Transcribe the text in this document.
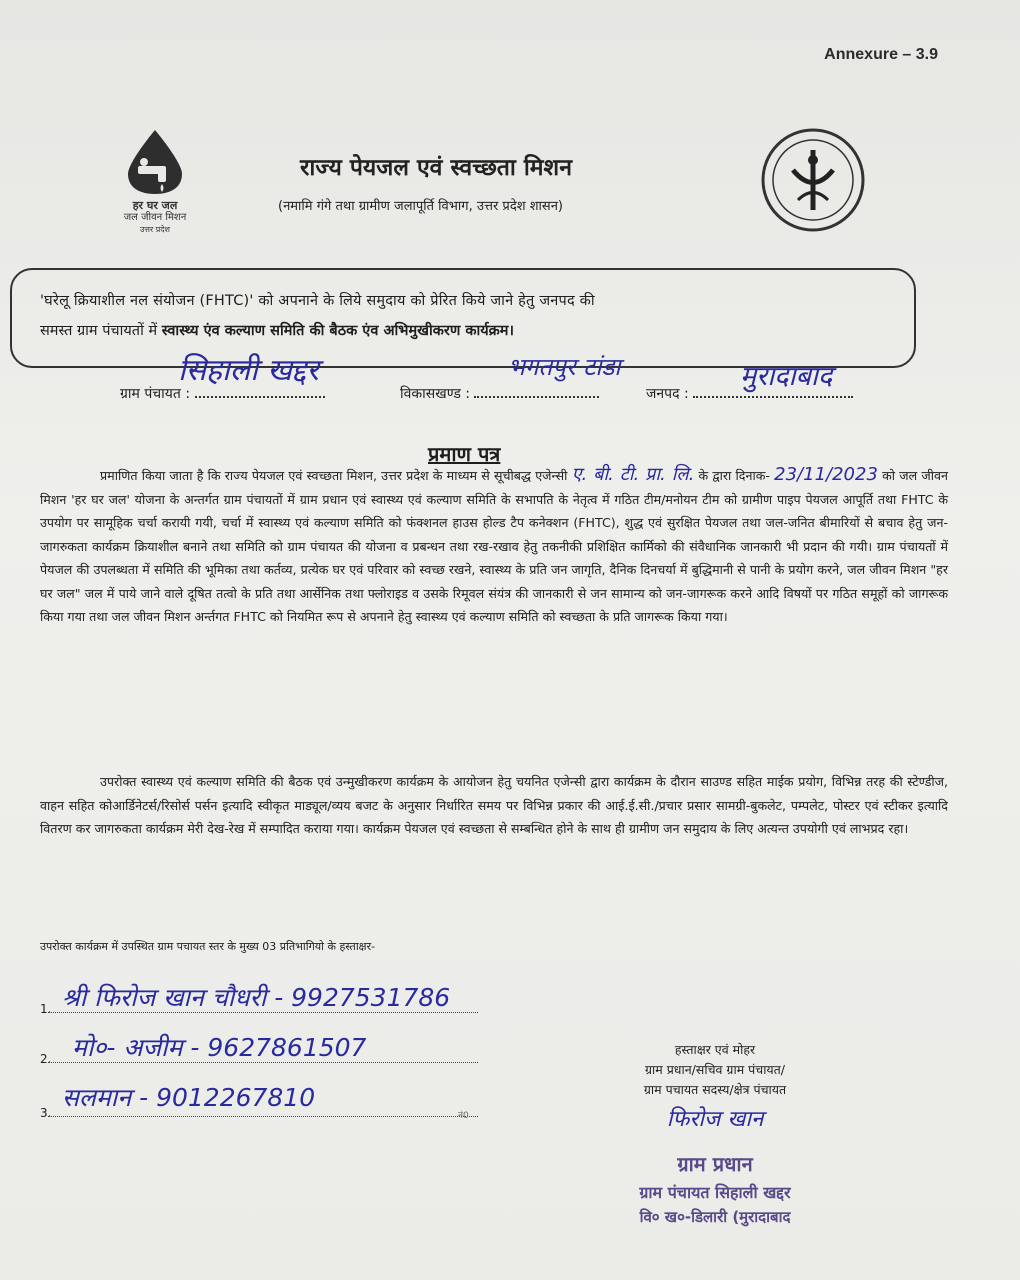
Annexure – 3.9
हर घर जल
जल जीवन मिशन
उत्तर प्रदेश
राज्य पेयजल एवं स्वच्छता मिशन
(नमामि गंगे तथा ग्रामीण जलापूर्ति विभाग, उत्तर प्रदेश शासन)
'घरेलू क्रियाशील नल संयोजन (FHTC)' को अपनाने के लिये समुदाय को प्रेरित किये जाने हेतु जनपद की
समस्त ग्राम पंचायतों में स्वास्थ्य एंव कल्याण समिति की बैठक एंव अभिमुखीकरण कार्यक्रम।
ग्राम पंचायत :
सिहाली खद्दर
विकासखण्ड :
भगतपुर टांडा
जनपद :
मुरादाबाद
प्रमाण पत्र
प्रमाणित किया जाता है कि राज्य पेयजल एवं स्वच्छता मिशन, उत्तर प्रदेश के माध्यम से सूचीबद्ध एजेन्सी ए. बी. टी. प्रा. लि. के द्वारा दिनाक- 23/11/2023 को जल जीवन मिशन 'हर घर जल' योजना के अन्तर्गत ग्राम पंचायतों में ग्राम प्रधान एवं स्वास्थ्य एवं कल्याण समिति के सभापति के नेतृत्व में गठित टीम/मनोयन टीम को ग्रामीण पाइप पेयजल आपूर्ति तथा FHTC के उपयोग पर सामूहिक चर्चा करायी गयी, चर्चा में स्वास्थ्य एवं कल्याण समिति को फंक्शनल हाउस होल्ड टैप कनेक्शन (FHTC), शुद्ध एवं सुरक्षित पेयजल तथा जल-जनित बीमारियों से बचाव हेतु जन-जागरुकता कार्यक्रम क्रियाशील बनाने तथा समिति को ग्राम पंचायत की योजना व प्रबन्धन तथा रख-रखाव हेतु तकनीकी प्रशिक्षित कार्मिको की संवैधानिक जानकारी भी प्रदान की गयी। ग्राम पंचायतों में पेयजल की उपलब्धता में समिति की भूमिका तथा कर्तव्य, प्रत्येक घर एवं परिवार को स्वच्छ रखने, स्वास्थ्य के प्रति जन जागृति, दैनिक दिनचर्या में बुद्धिमानी से पानी के प्रयोग करने, जल जीवन मिशन "हर घर जल" जल में पाये जाने वाले दूषित तत्वो के प्रति तथा आर्सेनिक तथा फ्लोराइड व उसके रिमूवल संयंत्र की जानकारी से जन सामान्य को जन-जागरूक करने आदि विषयों पर गठित समूहों को जागरूक किया गया तथा जल जीवन मिशन अर्न्तगत FHTC को नियमित रूप से अपनाने हेतु स्वास्थ्य एवं कल्याण समिति को स्वच्छता के प्रति जागरूक किया गया।
उपरोक्त स्वास्थ्य एवं कल्याण समिति की बैठक एवं उन्मुखीकरण कार्यक्रम के आयोजन हेतु चयनित एजेन्सी द्वारा कार्यक्रम के दौरान साउण्ड सहित माईक प्रयोग, विभिन्न तरह की स्टेण्डीज, वाहन सहित कोआर्डिनेटर्स/रिसोर्स पर्सन इत्यादि स्वीकृत माड्यूल/व्यय बजट के अनुसार निर्धारित समय पर विभिन्न प्रकार की आई.ई.सी./प्रचार प्रसार सामग्री-बुकलेट, पम्पलेट, पोस्टर एवं स्टीकर इत्यादि वितरण कर जागरुकता कार्यक्रम मेरी देख-रेख में सम्पादित कराया गया। कार्यक्रम पेयजल एवं स्वच्छता से सम्बन्धित होने के साथ ही ग्रामीण जन समुदाय के लिए अत्यन्त उपयोगी एवं लाभप्रद रहा।
उपरोक्त कार्यक्रम में उपस्थित ग्राम पचायत स्तर के मुख्य 03 प्रतिभागियो के हस्ताक्षर-
1. श्री फिरोज खान चौधरी - 9927531786
2. मो०- अजीम - 9627861507
3.
सलमान - 9012267810
नं0
हस्ताक्षर एवं मोहर
ग्राम प्रधान/सचिव ग्राम पंचायत/
ग्राम पचायत सदस्य/क्षेत्र पंचायत
फिरोज खान
ग्राम प्रधान
ग्राम पंचायत सिहाली खद्दर
वि० ख०-डिलारी (मुरादाबाद
